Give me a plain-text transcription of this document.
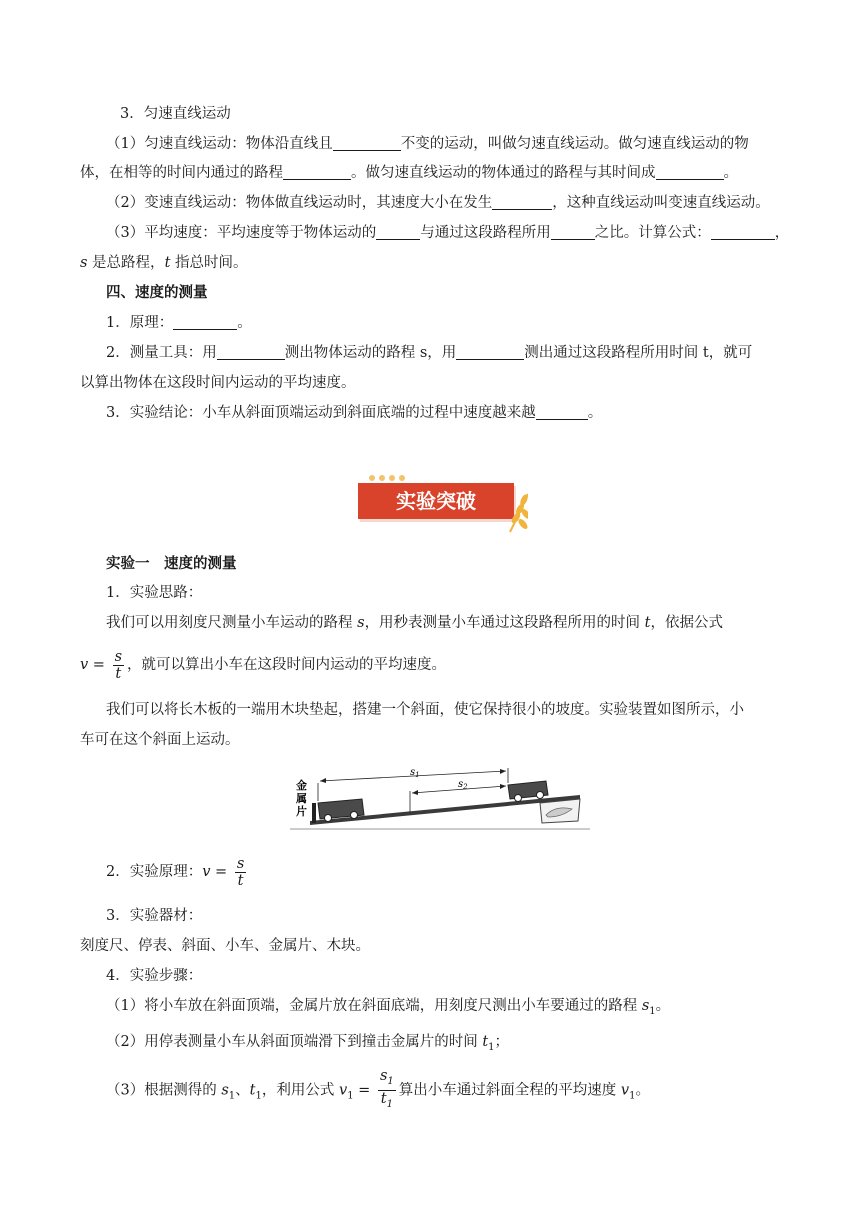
3．匀速直线运动
（1）匀速直线运动：物体沿直线且	不变的运动，叫做匀速直线运动。做匀速直线运动的物
体，在相等的时间内通过的路程	。做匀速直线运动的物体通过的路程与其时间成	。
（2）变速直线运动：物体做直线运动时，其速度大小在发生	，这种直线运动叫变速直线运动。
（3）平均速度：平均速度等于物体运动的	与通过这段路程所用	之比。计算公式：	，
s 是总路程，t 指总时间。
四、速度的测量
1．原理：	。
2．测量工具：用	测出物体运动的路程 s，用	测出通过这段路程所用时间 t，就可
以算出物体在这段时间内运动的平均速度。
3．实验结论：小车从斜面顶端运动到斜面底端的过程中速度越来越	。
实验突破
实验一　速度的测量
1．实验思路：
我们可以用刻度尺测量小车运动的路程 s，用秒表测量小车通过这段路程所用的时间 t，依据公式
$v = \frac{s}{t}$ ，就可以算出小车在这段时间内运动的平均速度。
我们可以将长木板的一端用木块垫起，搭建一个斜面，使它保持很小的坡度。实验装置如图所示，小
车可在这个斜面上运动。
金
属
片
$s_1$
$s_2$
2．实验原理：$v = \frac{s}{t}$
3．实验器材：
刻度尺、停表、斜面、小车、金属片、木块。
4．实验步骤：
（1）将小车放在斜面顶端，金属片放在斜面底端，用刻度尺测出小车要通过的路程 $s_1$。
（2）用停表测量小车从斜面顶端滑下到撞击金属片的时间 $t_1$；
（3）根据测得的 $s_1$、$t_1$，利用公式 $v_1 = \frac{s_1}{t_1}$ 算出小车通过斜面全程的平均速度 $v_1$。
